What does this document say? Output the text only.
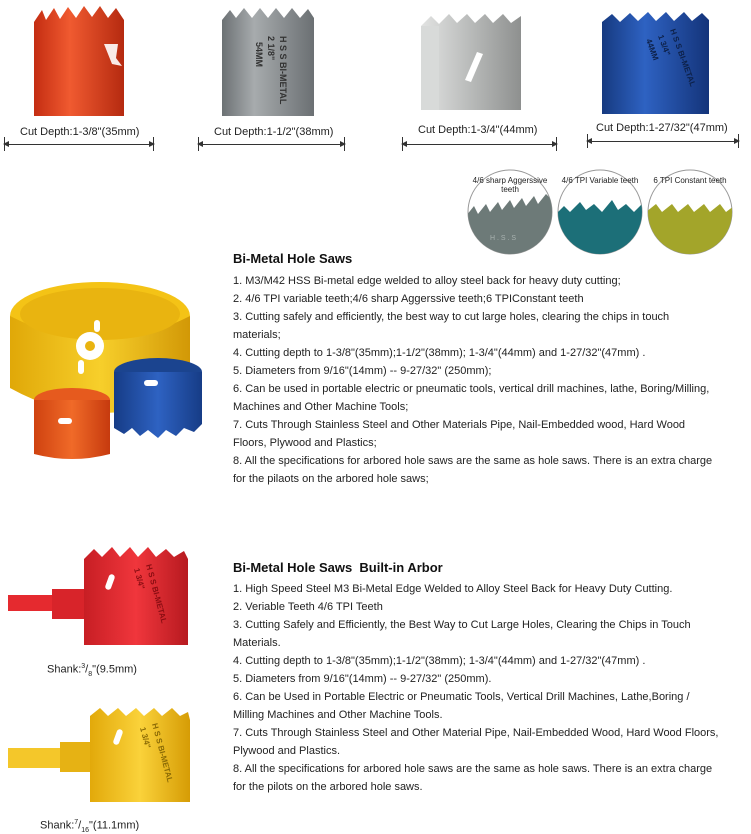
H S S BI-METAL
2 1/8"
54MM	H S S BI-METAL
1 3/4"
44MM
Cut Depth:1-3/8"(35mm)	Cut Depth:1-1/2"(38mm)	Cut Depth:1-3/4"(44mm)	Cut Depth:1-27/32"(47mm)
H . S . S
4/6 sharp Aggerssive teeth
4/6 TPI Variable teeth	6 TPI Constant teeth
Bi-Metal Hole Saws
1. M3/M42 HSS Bi-metal edge welded to alloy steel back for heavy duty cutting;
2. 4/6 TPI variable teeth;4/6 sharp Aggerssive teeth;6 TPIConstant teeth
3. Cutting safely and efficiently, the best way to cut large holes, clearing the chips in touch
materials;
4. Cutting depth to 1-3/8"(35mm);1-1/2"(38mm); 1-3/4"(44mm) and 1-27/32"(47mm) .
5. Diameters from 9/16"(14mm) -- 9-27/32" (250mm);
6. Can be used in portable electric or pneumatic tools, vertical drill machines, lathe, Boring/Milling,
Machines and Other Machine Tools;
7. Cuts Through Stainless Steel and Other Materials Pipe, Nail-Embedded wood, Hard Wood
Floors, Plywood and Plastics;
8. All the specifications for arbored hole saws are the same as hole saws. There is an extra charge
for the pilaots on the arbored hole saws;
H S S BI-METAL
1 3/4"
$Shank:^3/_8"(9.5mm)$
H S S BI-METAL
1 3/4"
$Shank:^7/_{16}"(11.1mm)$
Bi-Metal Hole Saws  Built-in Arbor
1. High Speed Steel M3 Bi-Metal Edge Welded to Alloy Steel Back for Heavy Duty Cutting.
2. Veriable Teeth 4/6 TPI Teeth
3. Cutting Safely and Efficiently, the Best Way to Cut Large Holes, Clearing the Chips in Touch
Materials.
4. Cutting depth to 1-3/8"(35mm);1-1/2"(38mm); 1-3/4"(44mm) and 1-27/32"(47mm) .
5. Diameters from 9/16"(14mm) -- 9-27/32" (250mm).
6. Can be Used in Portable Electric or Pneumatic Tools, Vertical Drill Machines, Lathe,Boring /
Milling Machines and Other Machine Tools.
7. Cuts Through Stainless Steel and Other Material Pipe, Nail-Embedded Wood, Hard Wood Floors,
Plywood and Plastics.
8. All the specifications for arbored hole saws are the same as hole saws. There is an extra charge
for the pilots on the arbored hole saws.
